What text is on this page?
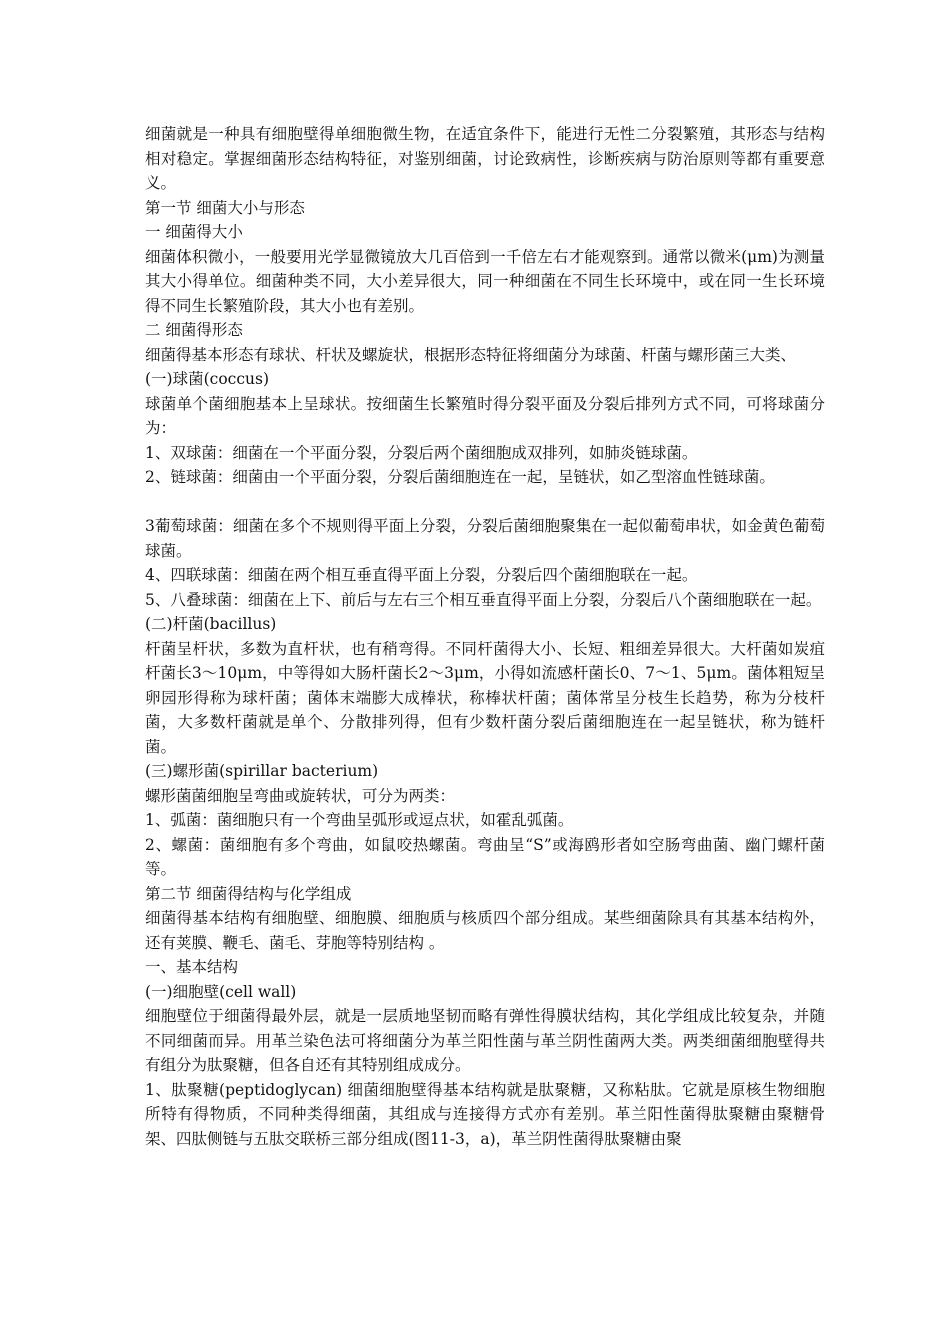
细菌就是一种具有细胞壁得单细胞微生物，在适宜条件下，能进行无性二分裂繁殖，其形态与结构相对稳定。掌握细菌形态结构特征，对鉴别细菌，讨论致病性，诊断疾病与防治原则等都有重要意义。

第一节 细菌大小与形态

一 细菌得大小

细菌体积微小，一般要用光学显微镜放大几百倍到一千倍左右才能观察到。通常以微米(μm)为测量其大小得单位。细菌种类不同，大小差异很大，同一种细菌在不同生长环境中，或在同一生长环境得不同生长繁殖阶段，其大小也有差别。

二 细菌得形态

细菌得基本形态有球状、杆状及螺旋状，根据形态特征将细菌分为球菌、杆菌与螺形菌三大类、

(一)球菌(coccus)

球菌单个菌细胞基本上呈球状。按细菌生长繁殖时得分裂平面及分裂后排列方式不同，可将球菌分为：

1、双球菌：细菌在一个平面分裂，分裂后两个菌细胞成双排列，如肺炎链球菌。

2、链球菌：细菌由一个平面分裂，分裂后菌细胞连在一起，呈链状，如乙型溶血性链球菌。

3葡萄球菌：细菌在多个不规则得平面上分裂，分裂后菌细胞聚集在一起似葡萄串状，如金黄色葡萄球菌。

4、四联球菌：细菌在两个相互垂直得平面上分裂，分裂后四个菌细胞联在一起。

5、八叠球菌：细菌在上下、前后与左右三个相互垂直得平面上分裂，分裂后八个菌细胞联在一起。

(二)杆菌(bacillus)

杆菌呈杆状，多数为直杆状，也有稍弯得。不同杆菌得大小、长短、粗细差异很大。大杆菌如炭疽杆菌长3～10μm，中等得如大肠杆菌长2～3μm，小得如流感杆菌长0、7～1、5μm。菌体粗短呈卵园形得称为球杆菌；菌体末端膨大成棒状，称棒状杆菌；菌体常呈分枝生长趋势，称为分枝杆菌，大多数杆菌就是单个、分散排列得，但有少数杆菌分裂后菌细胞连在一起呈链状，称为链杆菌。

(三)螺形菌(spirillar bacterium)

螺形菌菌细胞呈弯曲或旋转状，可分为两类：

1、弧菌：菌细胞只有一个弯曲呈弧形或逗点状，如霍乱弧菌。

2、螺菌：菌细胞有多个弯曲，如鼠咬热螺菌。弯曲呈“S”或海鸥形者如空肠弯曲菌、幽门螺杆菌等。

第二节 细菌得结构与化学组成

细菌得基本结构有细胞壁、细胞膜、细胞质与核质四个部分组成。某些细菌除具有其基本结构外，还有荚膜、鞭毛、菌毛、芽胞等特别结构 。

一、基本结构

(一)细胞壁(cell wall)

细胞壁位于细菌得最外层，就是一层质地坚韧而略有弹性得膜状结构，其化学组成比较复杂，并随不同细菌而异。用革兰染色法可将细菌分为革兰阳性菌与革兰阴性菌两大类。两类细菌细胞壁得共有组分为肽聚糖，但各自还有其特别组成成分。

1、肽聚糖(peptidoglycan) 细菌细胞壁得基本结构就是肽聚糖，又称粘肽。它就是原核生物细胞所特有得物质，不同种类得细菌，其组成与连接得方式亦有差别。革兰阳性菌得肽聚糖由聚糖骨架、四肽侧链与五肽交联桥三部分组成(图11-3，a)，革兰阴性菌得肽聚糖由聚
